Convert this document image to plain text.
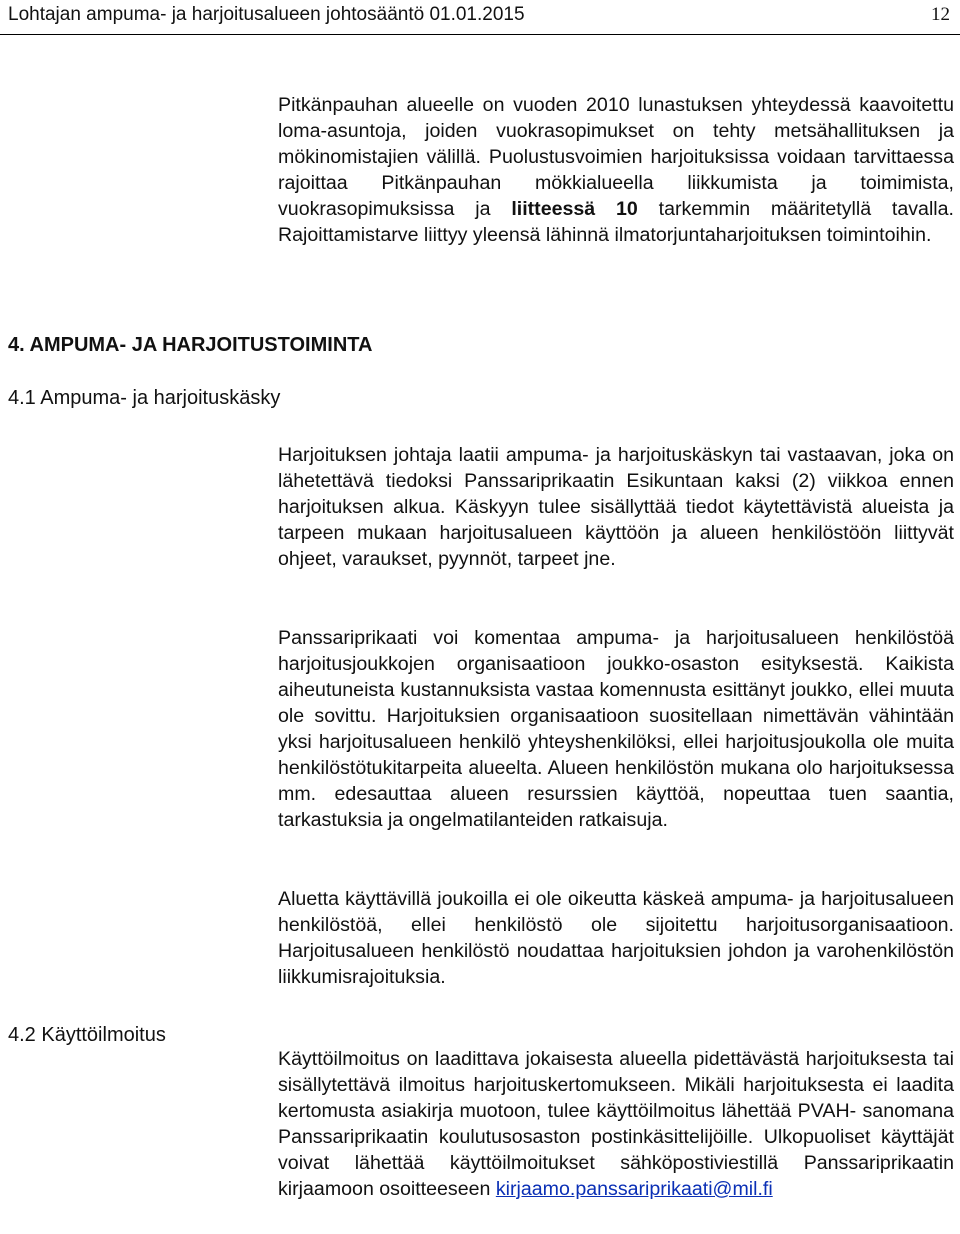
Lohtajan ampuma- ja harjoitusalueen johtosääntö 01.01.2015	12

Pitkänpauhan alueelle on vuoden 2010 lunastuksen yhteydessä kaavoitettu loma-asuntoja, joiden vuokrasopimukset on tehty metsähallituksen ja mökinomistajien välillä. Puolustusvoimien harjoituksissa voidaan tarvittaessa rajoittaa Pitkänpauhan mökkialueella liikkumista ja toimimista, vuokrasopimuksissa ja liitteessä 10 tarkemmin määritetyllä tavalla. Rajoittamistarve liittyy yleensä lähinnä ilmatorjuntaharjoituksen toimintoihin.

4. AMPUMA- JA HARJOITUSTOIMINTA
4.1 Ampuma- ja harjoituskäsky

Harjoituksen johtaja laatii ampuma- ja harjoituskäskyn tai vastaavan, joka on lähetettävä tiedoksi Panssariprikaatin Esikuntaan kaksi (2) viikkoa ennen harjoituksen alkua. Käskyyn tulee sisällyttää tiedot käytettävistä alueista ja tarpeen mukaan harjoitusalueen käyttöön ja alueen henkilöstöön liittyvät ohjeet, varaukset, pyynnöt, tarpeet jne.

Panssariprikaati voi komentaa ampuma- ja harjoitusalueen henkilöstöä harjoitusjoukkojen organisaatioon joukko-osaston esityksestä. Kaikista aiheutuneista kustannuksista vastaa komennusta esittänyt joukko, ellei muuta ole sovittu. Harjoituksien organisaatioon suositellaan nimettävän vähintään yksi harjoitusalueen henkilö yhteyshenkilöksi, ellei harjoitusjoukolla ole muita henkilöstötukitarpeita alueelta. Alueen henkilöstön mukana olo harjoituksessa mm. edesauttaa alueen resurssien käyttöä, nopeuttaa tuen saantia, tarkastuksia ja ongelmatilanteiden ratkaisuja.

Aluetta käyttävillä joukoilla ei ole oikeutta käskeä ampuma- ja harjoitusalueen henkilöstöä, ellei henkilöstö ole sijoitettu harjoitusorganisaatioon. Harjoitusalueen henkilöstö noudattaa harjoituksien johdon ja varohenkilöstön liikkumisrajoituksia.

4.2 Käyttöilmoitus

Käyttöilmoitus on laadittava jokaisesta alueella pidettävästä harjoituksesta tai sisällytettävä ilmoitus harjoituskertomukseen. Mikäli harjoituksesta ei laadita kertomusta asiakirja muotoon, tulee käyttöilmoitus lähettää PVAH- sanomana Panssariprikaatin koulutusosaston postinkäsittelijöille. Ulkopuoliset käyttäjät voivat lähettää käyttöilmoitukset sähköpostiviestillä Panssariprikaatin kirjaamoon osoitteeseen kirjaamo.panssariprikaati@mil.fi
